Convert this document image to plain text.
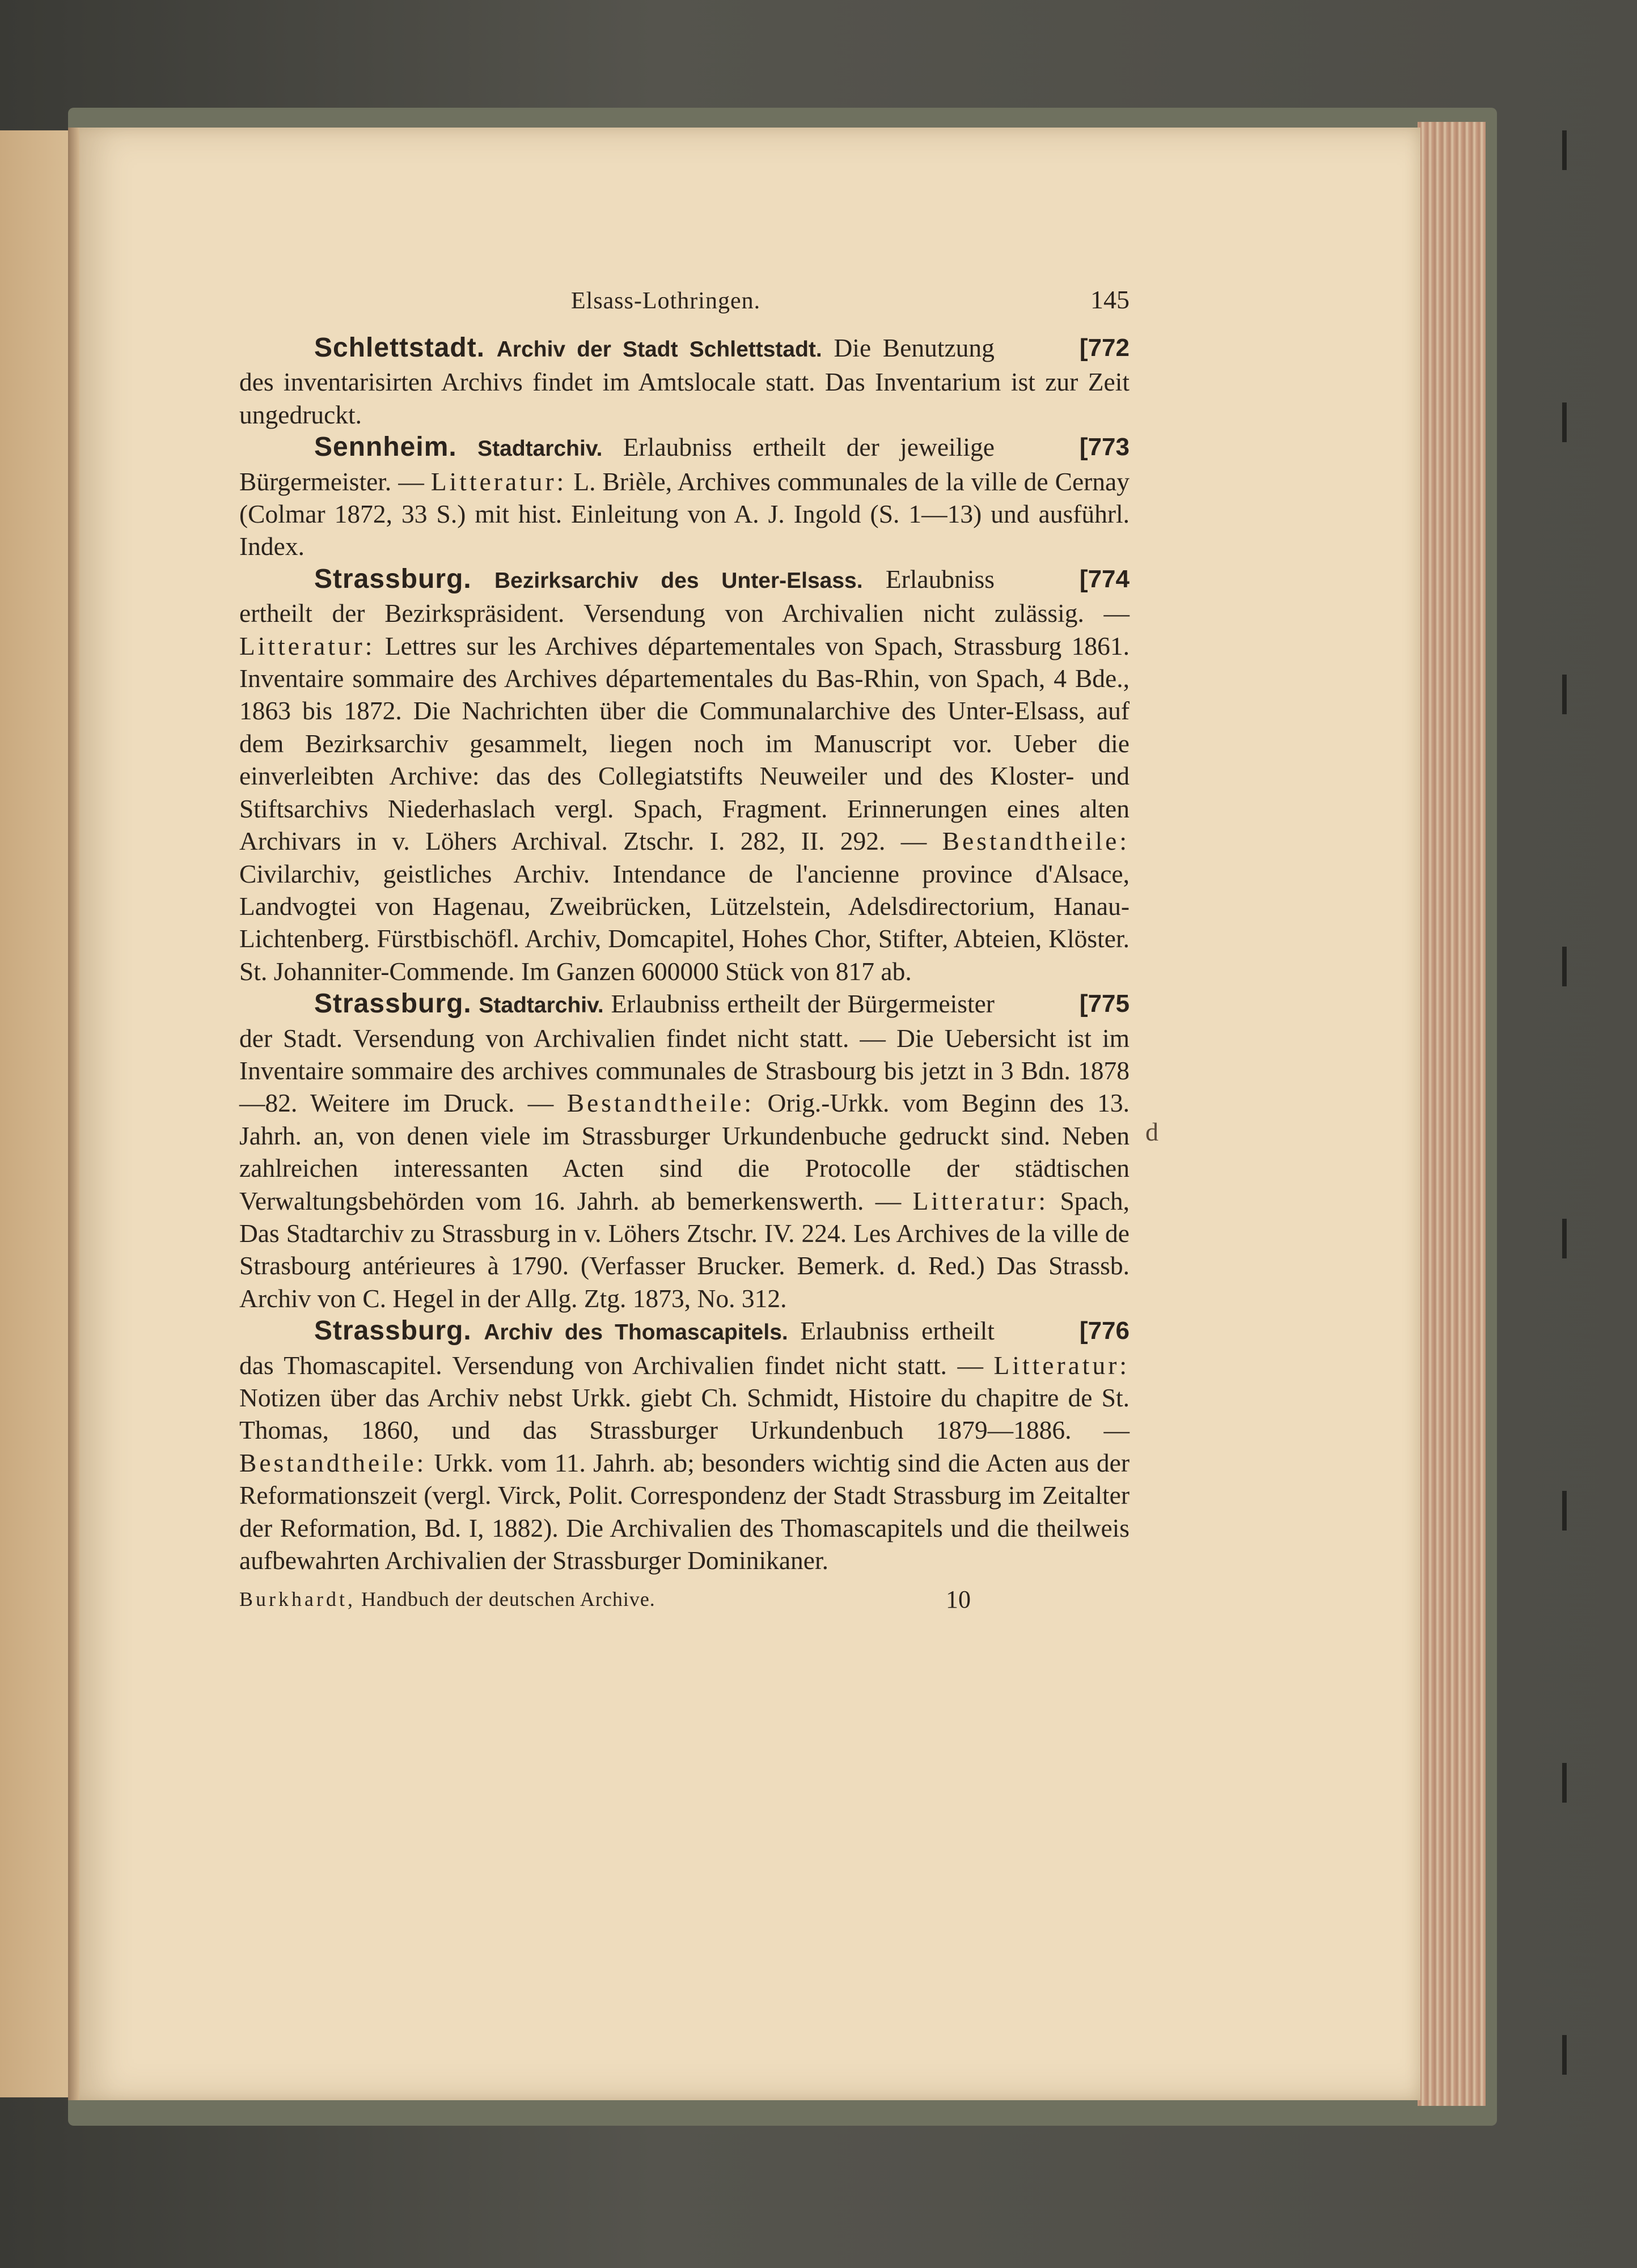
d
Elsass-Lothringen.	145

[772
Schlettstadt. Archiv der Stadt Schlettstadt. Die Benutzung des inventarisirten Archivs findet im Amtslocale statt. Das Inventarium ist zur Zeit ungedruckt.

[773
Sennheim. Stadtarchiv. Erlaubniss ertheilt der jeweilige Bürgermeister. — Litteratur: L. Brièle, Archives communales de la ville de Cernay (Colmar 1872, 33 S.) mit hist. Einleitung von A. J. Ingold (S. 1—13) und ausführl. Index.

[774
Strassburg. Bezirksarchiv des Unter-Elsass. Erlaubniss ertheilt der Bezirkspräsident. Versendung von Archivalien nicht zulässig. — Litteratur: Lettres sur les Archives départementales von Spach, Strassburg 1861. Inventaire sommaire des Archives départementales du Bas-Rhin, von Spach, 4 Bde., 1863 bis 1872. Die Nachrichten über die Communalarchive des Unter-Elsass, auf dem Bezirksarchiv gesammelt, liegen noch im Manuscript vor. Ueber die einverleibten Archive: das des Collegiatstifts Neuweiler und des Kloster- und Stiftsarchivs Niederhaslach vergl. Spach, Fragment. Erinnerungen eines alten Archivars in v. Löhers Archival. Ztschr. I. 282, II. 292. — Bestandtheile: Civilarchiv, geistliches Archiv. Intendance de l'ancienne province d'Alsace, Landvogtei von Hagenau, Zweibrücken, Lützelstein, Adelsdirectorium, Hanau-Lichtenberg. Fürstbischöfl. Archiv, Domcapitel, Hohes Chor, Stifter, Abteien, Klöster. St. Johanniter-Commende. Im Ganzen 600000 Stück von 817 ab.

[775
Strassburg. Stadtarchiv. Erlaubniss ertheilt der Bürgermeister der Stadt. Versendung von Archivalien findet nicht statt. — Die Uebersicht ist im Inventaire sommaire des archives communales de Strasbourg bis jetzt in 3 Bdn. 1878—82. Weitere im Druck. — Bestandtheile: Orig.-Urkk. vom Beginn des 13. Jahrh. an, von denen viele im Strassburger Urkundenbuche gedruckt sind. Neben zahlreichen interessanten Acten sind die Protocolle der städtischen Verwaltungsbehörden vom 16. Jahrh. ab bemerkenswerth. — Litteratur: Spach, Das Stadtarchiv zu Strassburg in v. Löhers Ztschr. IV. 224. Les Archives de la ville de Strasbourg antérieures à 1790. (Verfasser Brucker. Bemerk. d. Red.) Das Strassb. Archiv von C. Hegel in der Allg. Ztg. 1873, No. 312.

[776
Strassburg. Archiv des Thomascapitels. Erlaubniss ertheilt das Thomascapitel. Versendung von Archivalien findet nicht statt. — Litteratur: Notizen über das Archiv nebst Urkk. giebt Ch. Schmidt, Histoire du chapitre de St. Thomas, 1860, und das Strassburger Urkundenbuch 1879—1886. — Bestandtheile: Urkk. vom 11. Jahrh. ab; besonders wichtig sind die Acten aus der Reformationszeit (vergl. Virck, Polit. Correspondenz der Stadt Strassburg im Zeitalter der Reformation, Bd. I, 1882). Die Archivalien des Thomascapitels und die theilweis aufbewahrten Archivalien der Strassburger Dominikaner.

Burkhardt, Handbuch der deutschen Archive.	10
